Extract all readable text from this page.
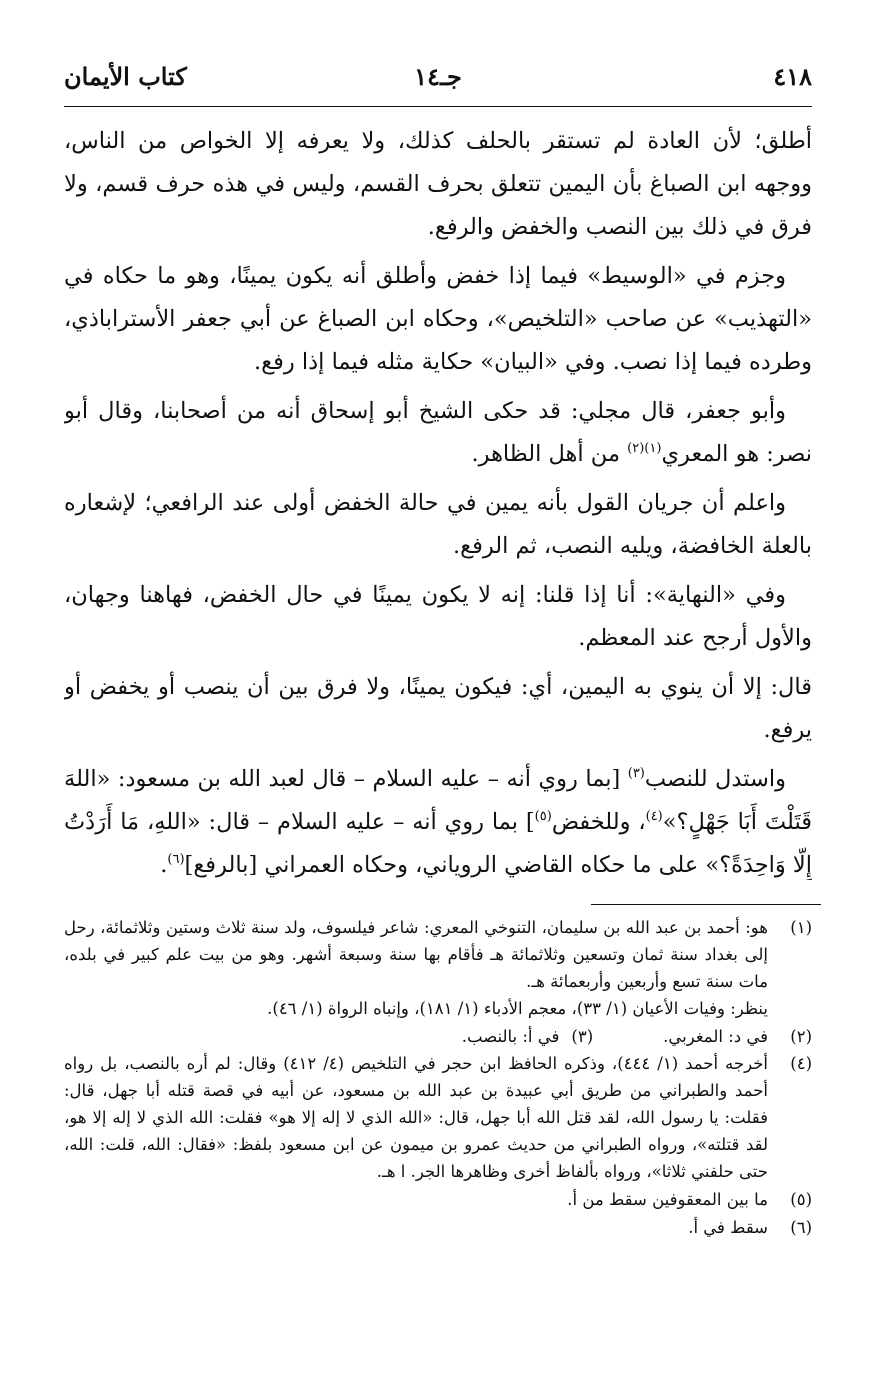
٤١٨
جـ١٤
كتاب الأيمان

أطلق؛ لأن العادة لم تستقر بالحلف كذلك، ولا يعرفه إلا الخواص من الناس، ووجهه ابن الصباغ بأن اليمين تتعلق بحرف القسم، وليس في هذه حرف قسم، ولا فرق في ذلك بين النصب والخفض والرفع.

وجزم في «الوسيط» فيما إذا خفض وأطلق أنه يكون يمينًا، وهو ما حكاه في «التهذيب» عن صاحب «التلخيص»، وحكاه ابن الصباغ عن أبي جعفر الأستراباذي، وطرده فيما إذا نصب. وفي «البيان» حكاية مثله فيما إذا رفع.

وأبو جعفر، قال مجلي: قد حكى الشيخ أبو إسحاق أنه من أصحابنا، وقال أبو نصر: هو المعري$^{(١)(٢)}$ من أهل الظاهر.

واعلم أن جريان القول بأنه يمين في حالة الخفض أولى عند الرافعي؛ لإشعاره بالعلة الخافضة، ويليه النصب، ثم الرفع.

وفي «النهاية»: أنا إذا قلنا: إنه لا يكون يمينًا في حال الخفض، فهاهنا وجهان، والأول أرجح عند المعظم.

قال: إلا أن ينوي به اليمين، أي: فيكون يمينًا، ولا فرق بين أن ينصب أو يخفض أو يرفع.

واستدل للنصب$^{(٣)}$ [بما روي أنه – عليه السلام – قال لعبد الله بن مسعود: «اللهَ قَتَلْتَ أَبَا جَهْلٍ؟»$^{(٤)}$، وللخفض$^{(٥)}$] بما روي أنه – عليه السلام – قال: «اللهِ، مَا أَرَدْتُ إِلّا وَاحِدَةً؟» على ما حكاه القاضي الروياني، وحكاه العمراني [بالرفع]$^{(٦)}$.

(١)
هو: أحمد بن عبد الله بن سليمان، التنوخي المعري: شاعر فيلسوف، ولد سنة ثلاث وستين وثلاثمائة، رحل إلى بغداد سنة ثمان وتسعين وثلاثمائة هـ فأقام بها سنة وسبعة أشهر. وهو من بيت علم كبير في بلده، مات سنة تسع وأربعين وأربعمائة هـ.
ينظر: وفيات الأعيان (١/ ٣٣)، معجم الأدباء (١/ ١٨١)، وإنباه الرواة (١/ ٤٦).
(٢)
في د: المغربي.
(٣)
في أ: بالنصب.
(٤)
أخرجه أحمد (١/ ٤٤٤)، وذكره الحافظ ابن حجر في التلخيص (٤/ ٤١٢) وقال: لم أره بالنصب، بل رواه أحمد والطبراني من طريق أبي عبيدة بن عبد الله بن مسعود، عن أبيه في قصة قتله أبا جهل، قال: فقلت: يا رسول الله، لقد قتل الله أبا جهل، قال: «الله الذي لا إله إلا هو» فقلت: الله الذي لا إله إلا هو، لقد قتلته»، ورواه الطبراني من حديث عمرو بن ميمون عن ابن مسعود بلفظ: «فقال: الله، قلت: الله، حتى حلفني ثلاثا»، ورواه بألفاظ أخرى وظاهرها الجر. ا هـ.
(٥)
ما بين المعقوفين سقط من أ.
(٦)
سقط في أ.
